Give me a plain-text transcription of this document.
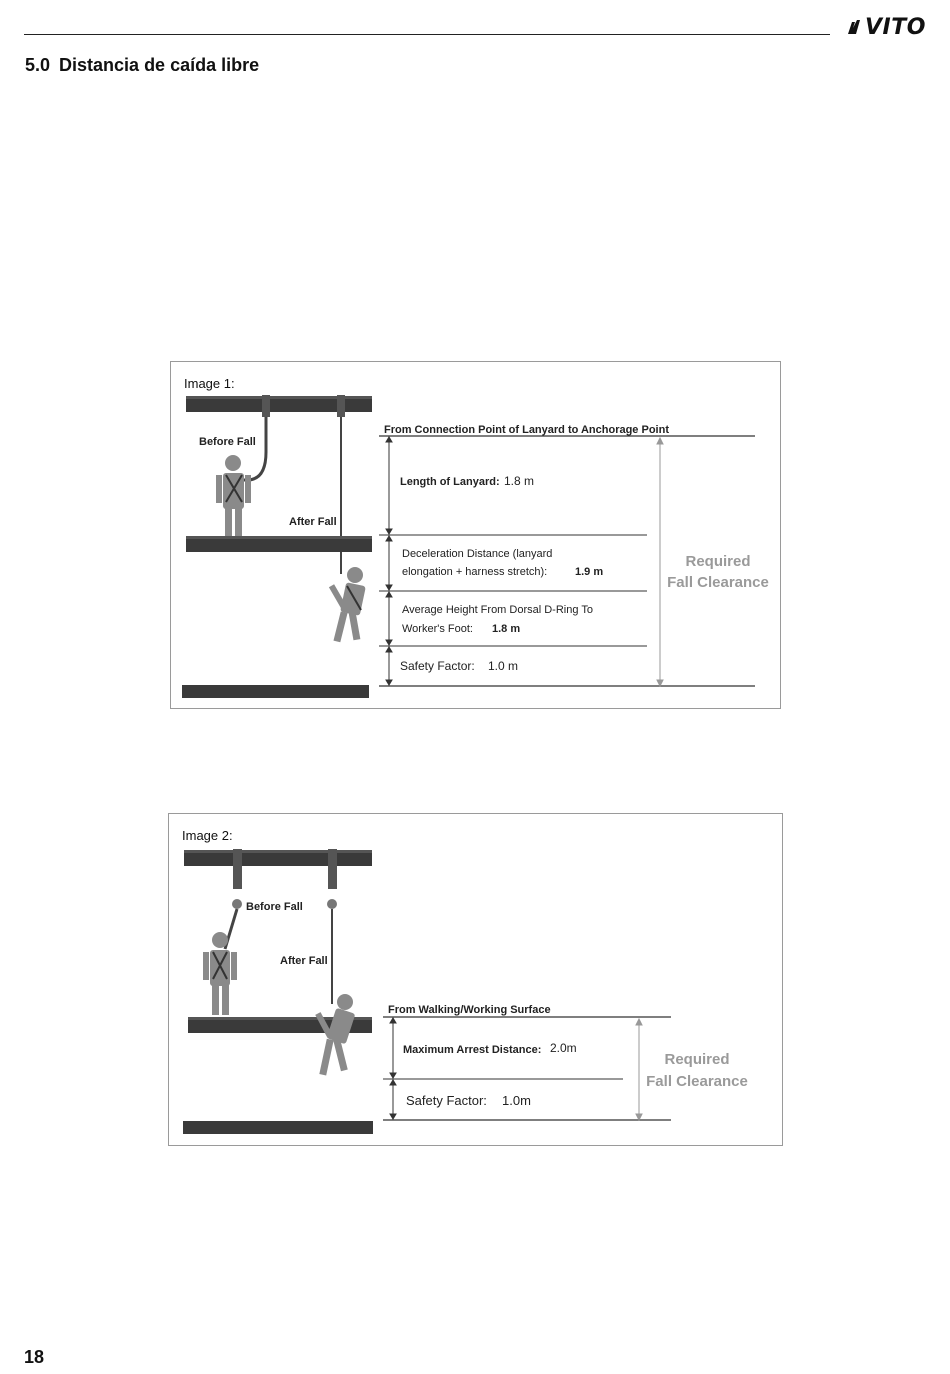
VITO
5.0 Distancia de caída libre
Image 1:
Before Fall
After Fall
From Connection Point of Lanyard to Anchorage Point
Length of Lanyard: 1.8 m
Deceleration Distance (lanyard
elongation + harness stretch):	1.9 m
Average Height From Dorsal D-Ring To
Worker's Foot: 1.8 m
Safety Factor: 1.0 m
Required
Fall Clearance
Image 2:
Before Fall
After Fall
From Walking/Working Surface
Maximum Arrest Distance: 2.0m
Safety Factor: 1.0m
Required
Fall Clearance
18
